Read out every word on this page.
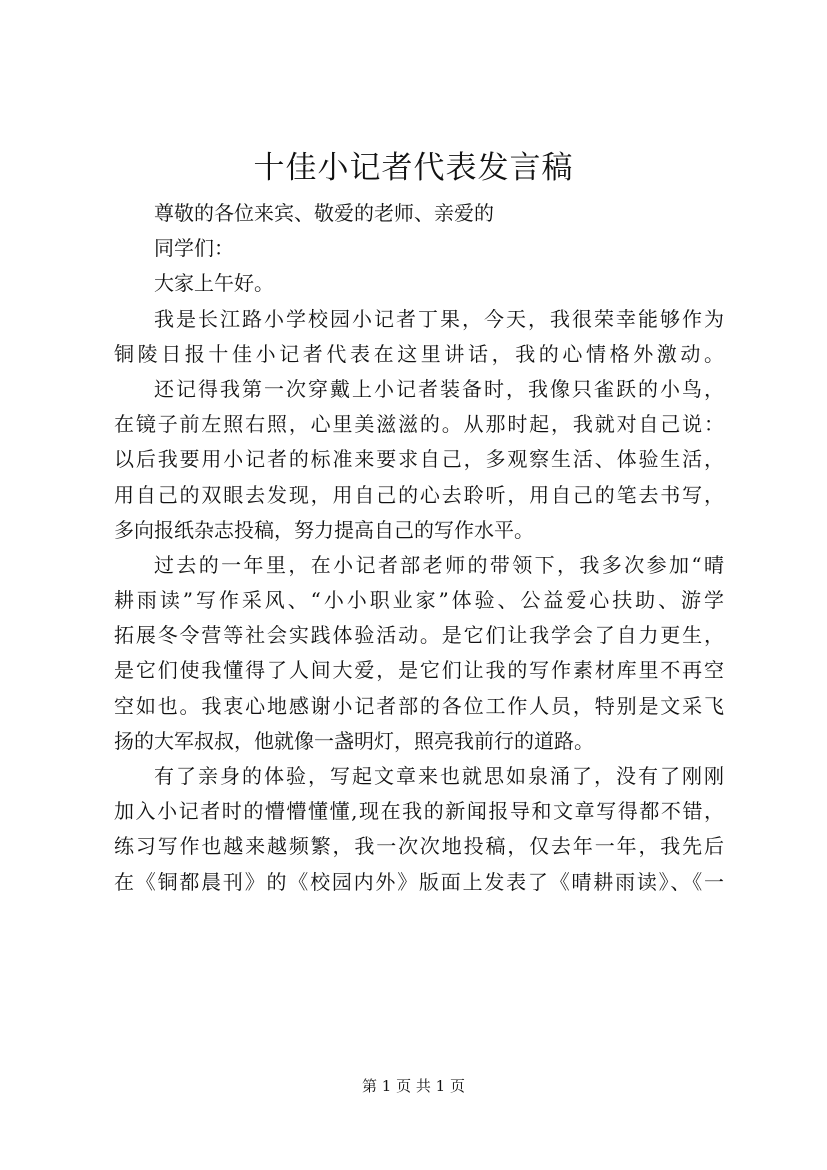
十佳小记者代表发言稿
尊敬的各位来宾、敬爱的老师、亲爱的
同学们：
大家上午好。
我是长江路小学校园小记者丁果，今天，我很荣幸能够作为
铜陵日报十佳小记者代表在这里讲话，我的心情格外激动。
还记得我第一次穿戴上小记者装备时，我像只雀跃的小鸟，
在镜子前左照右照，心里美滋滋的。从那时起，我就对自己说：
以后我要用小记者的标准来要求自己，多观察生活、体验生活，
用自己的双眼去发现，用自己的心去聆听，用自己的笔去书写，
多向报纸杂志投稿，努力提高自己的写作水平。
过去的一年里，在小记者部老师的带领下，我多次参加“晴
耕雨读”写作采风、“小小职业家”体验、公益爱心扶助、游学
拓展冬令营等社会实践体验活动。是它们让我学会了自力更生，
是它们使我懂得了人间大爱，是它们让我的写作素材库里不再空
空如也。我衷心地感谢小记者部的各位工作人员，特别是文采飞
扬的大军叔叔，他就像一盏明灯，照亮我前行的道路。
有了亲身的体验，写起文章来也就思如泉涌了，没有了刚刚
加入小记者时的懵懵懂懂,现在我的新闻报导和文章写得都不错，
练习写作也越来越频繁，我一次次地投稿，仅去年一年，我先后
在《铜都晨刊》的《校园内外》版面上发表了《晴耕雨读》、《一
第 1 页 共 1 页
